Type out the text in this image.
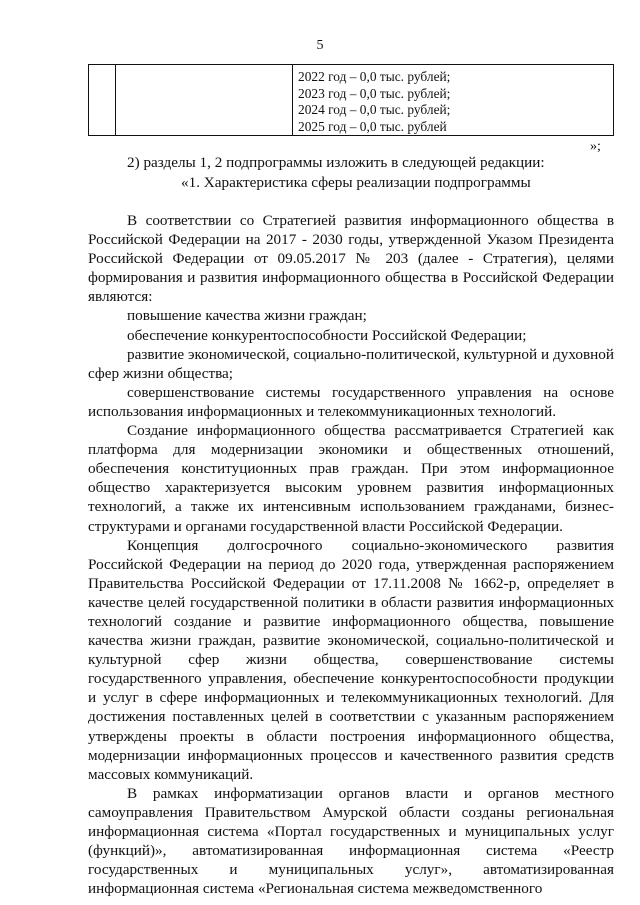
5

2022 год – 0,0 тыс. рублей;
2023 год – 0,0 тыс. рублей;
2024 год – 0,0 тыс. рублей;
2025 год – 0,0 тыс. рублей
»;
2) разделы 1, 2 подпрограммы изложить в следующей редакции:
«1. Характеристика сферы реализации подпрограммы

В соответствии со Стратегией развития информационного общества в Российской Федерации на 2017 - 2030 годы, утвержденной Указом Президента Российской Федерации от 09.05.2017 № 203 (далее - Стратегия), целями формирования и развития информационного общества в Российской Федерации являются:

повышение качества жизни граждан;

обеспечение конкурентоспособности Российской Федерации;

развитие экономической, социально-политической, культурной и духовной сфер жизни общества;

совершенствование системы государственного управления на основе использования информационных и телекоммуникационных технологий.

Создание информационного общества рассматривается Стратегией как платформа для модернизации экономики и общественных отношений, обеспечения конституционных прав граждан. При этом информационное общество характеризуется высоким уровнем развития информационных технологий, а также их интенсивным использованием гражданами, бизнес-структурами и органами государственной власти Российской Федерации.

Концепция долгосрочного социально-экономического развития Российской Федерации на период до 2020 года, утвержденная распоряжением Правительства Российской Федерации от 17.11.2008 № 1662-р, определяет в качестве целей государственной политики в области развития информационных технологий создание и развитие информационного общества, повышение качества жизни граждан, развитие экономической, социально-политической и культурной сфер жизни общества, совершенствование системы государственного управления, обеспечение конкурентоспособности продукции и услуг в сфере информационных и телекоммуникационных технологий. Для достижения поставленных целей в соответствии с указанным распоряжением утверждены проекты в области построения информационного общества, модернизации информационных процессов и качественного развития средств массовых коммуникаций.

В рамках информатизации органов власти и органов местного самоуправления Правительством Амурской области созданы региональная информационная система «Портал государственных и муниципальных услуг (функций)», автоматизированная информационная система «Реестр государственных и муниципальных услуг», автоматизированная информационная система «Региональная система межведомственного
